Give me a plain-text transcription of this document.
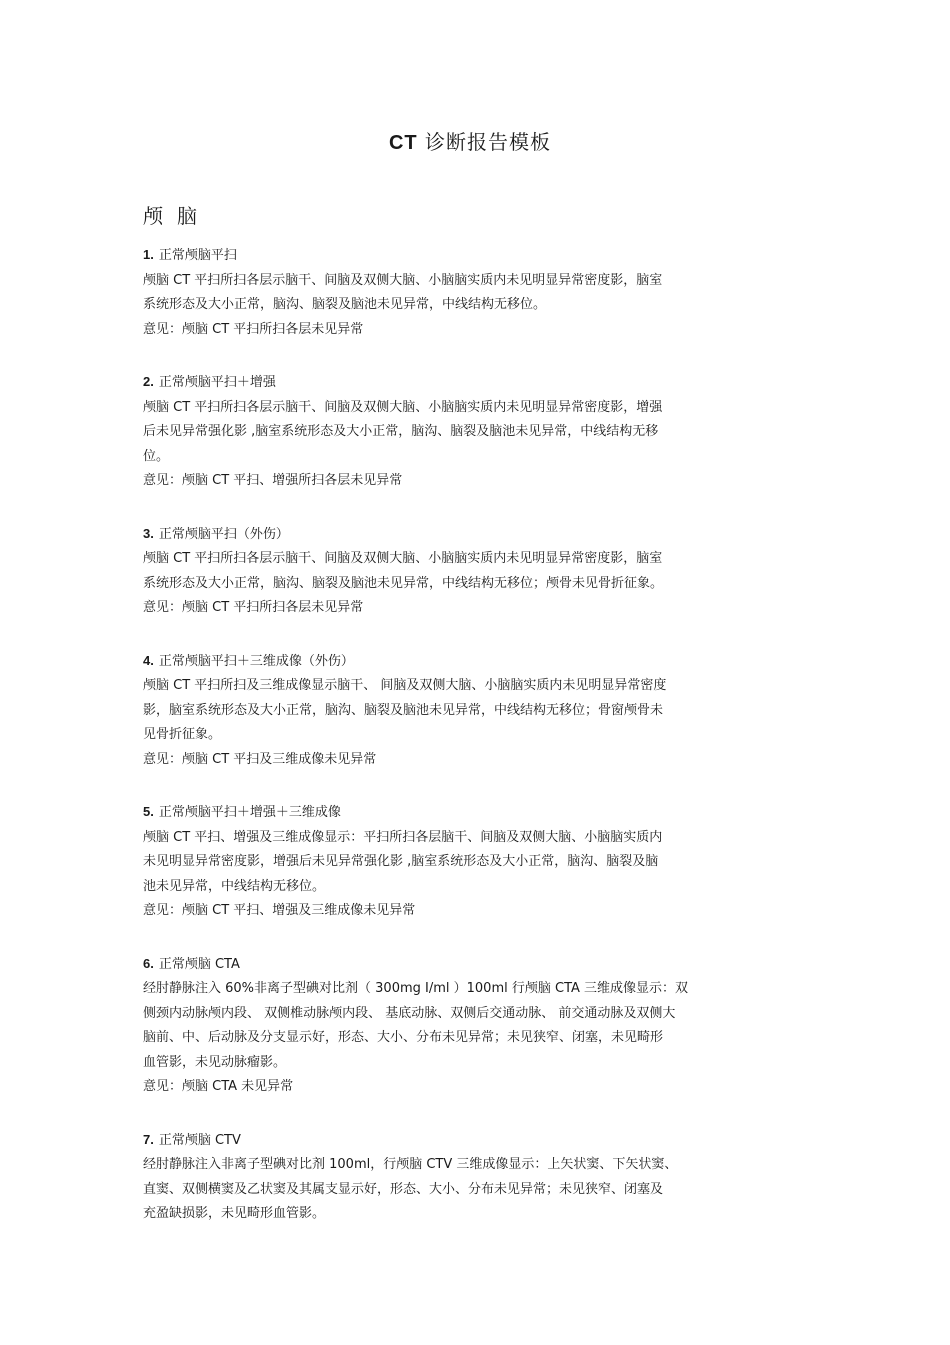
CT 诊断报告模板
颅脑
1. 正常颅脑平扫
颅脑 CT 平扫所扫各层示脑干、间脑及双侧大脑、小脑脑实质内未见明显异常密度影，脑室
系统形态及大小正常，脑沟、脑裂及脑池未见异常，中线结构无移位。
意见：颅脑 CT 平扫所扫各层未见异常
2. 正常颅脑平扫＋增强
颅脑 CT 平扫所扫各层示脑干、间脑及双侧大脑、小脑脑实质内未见明显异常密度影，增强
后未见异常强化影 ,脑室系统形态及大小正常，脑沟、脑裂及脑池未见异常，中线结构无移
位。
意见：颅脑 CT 平扫、增强所扫各层未见异常
3. 正常颅脑平扫（外伤）
颅脑 CT 平扫所扫各层示脑干、间脑及双侧大脑、小脑脑实质内未见明显异常密度影，脑室
系统形态及大小正常，脑沟、脑裂及脑池未见异常，中线结构无移位；颅骨未见骨折征象。
意见：颅脑 CT 平扫所扫各层未见异常
4. 正常颅脑平扫＋三维成像（外伤）
颅脑 CT 平扫所扫及三维成像显示脑干、 间脑及双侧大脑、小脑脑实质内未见明显异常密度
影，脑室系统形态及大小正常，脑沟、脑裂及脑池未见异常，中线结构无移位；骨窗颅骨未
见骨折征象。
意见：颅脑 CT 平扫及三维成像未见异常
5. 正常颅脑平扫＋增强＋三维成像
颅脑 CT 平扫、增强及三维成像显示：平扫所扫各层脑干、间脑及双侧大脑、小脑脑实质内
未见明显异常密度影，增强后未见异常强化影 ,脑室系统形态及大小正常，脑沟、脑裂及脑
池未见异常，中线结构无移位。
意见：颅脑 CT 平扫、增强及三维成像未见异常
6. 正常颅脑 CTA
经肘静脉注入 60%非离子型碘对比剂（ 300mg I/ml ）100ml 行颅脑 CTA 三维成像显示：双
侧颈内动脉颅内段、 双侧椎动脉颅内段、 基底动脉、双侧后交通动脉、 前交通动脉及双侧大
脑前、中、后动脉及分支显示好，形态、大小、分布未见异常；未见狭窄、闭塞，未见畸形
血管影，未见动脉瘤影。
意见：颅脑 CTA 未见异常
7. 正常颅脑 CTV
经肘静脉注入非离子型碘对比剂 100ml，行颅脑 CTV 三维成像显示：上矢状窦、下矢状窦、
直窦、双侧横窦及乙状窦及其属支显示好，形态、大小、分布未见异常；未见狭窄、闭塞及
充盈缺损影，未见畸形血管影。
